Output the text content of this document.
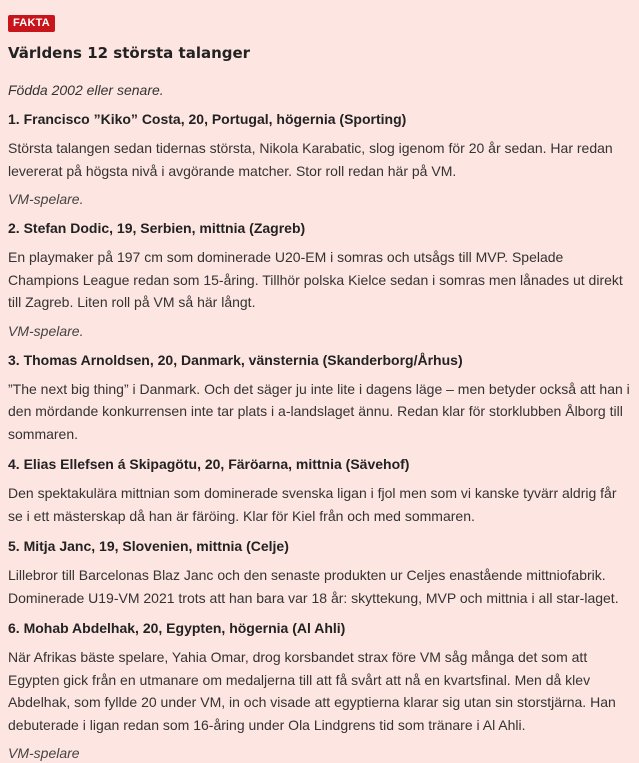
FAKTA
Världens 12 största talanger
Födda 2002 eller senare.
1. Francisco ”Kiko” Costa, 20, Portugal, högernia (Sporting)
Största talangen sedan tidernas största, Nikola Karabatic, slog igenom för 20 år sedan. Har redan levererat på högsta nivå i avgörande matcher. Stor roll redan här på VM.
VM-spelare.
2. Stefan Dodic, 19, Serbien, mittnia (Zagreb)
En playmaker på 197 cm som dominerade U20-EM i somras och utsågs till MVP. Spelade Champions League redan som 15-åring. Tillhör polska Kielce sedan i somras men lånades ut direkt till Zagreb. Liten roll på VM så här långt.
VM-spelare.
3. Thomas Arnoldsen, 20, Danmark, vänsternia (Skanderborg/Århus)
”The next big thing” i Danmark. Och det säger ju inte lite i dagens läge – men betyder också att han i den mördande konkurrensen inte tar plats i a-landslaget ännu. Redan klar för storklubben Ålborg till sommaren.
4. Elias Ellefsen á Skipagötu, 20, Färöarna, mittnia (Sävehof)
Den spektakulära mittnian som dominerade svenska ligan i fjol men som vi kanske tyvärr aldrig får se i ett mästerskap då han är färöing. Klar för Kiel från och med sommaren.
5. Mitja Janc, 19, Slovenien, mittnia (Celje)
Lillebror till Barcelonas Blaz Janc och den senaste produkten ur Celjes enastående mittniofabrik. Dominerade U19-VM 2021 trots att han bara var 18 år: skyttekung, MVP och mittnia i all star-laget.
6. Mohab Abdelhak, 20, Egypten, högernia (Al Ahli)
När Afrikas bäste spelare, Yahia Omar, drog korsbandet strax före VM såg många det som att Egypten gick från en utmanare om medaljerna till att få svårt att nå en kvartsfinal. Men då klev Abdelhak, som fyllde 20 under VM, in och visade att egyptierna klarar sig utan sin storstjärna. Han debuterade i ligan redan som 16-åring under Ola Lindgrens tid som tränare i Al Ahli.
VM-spelare
